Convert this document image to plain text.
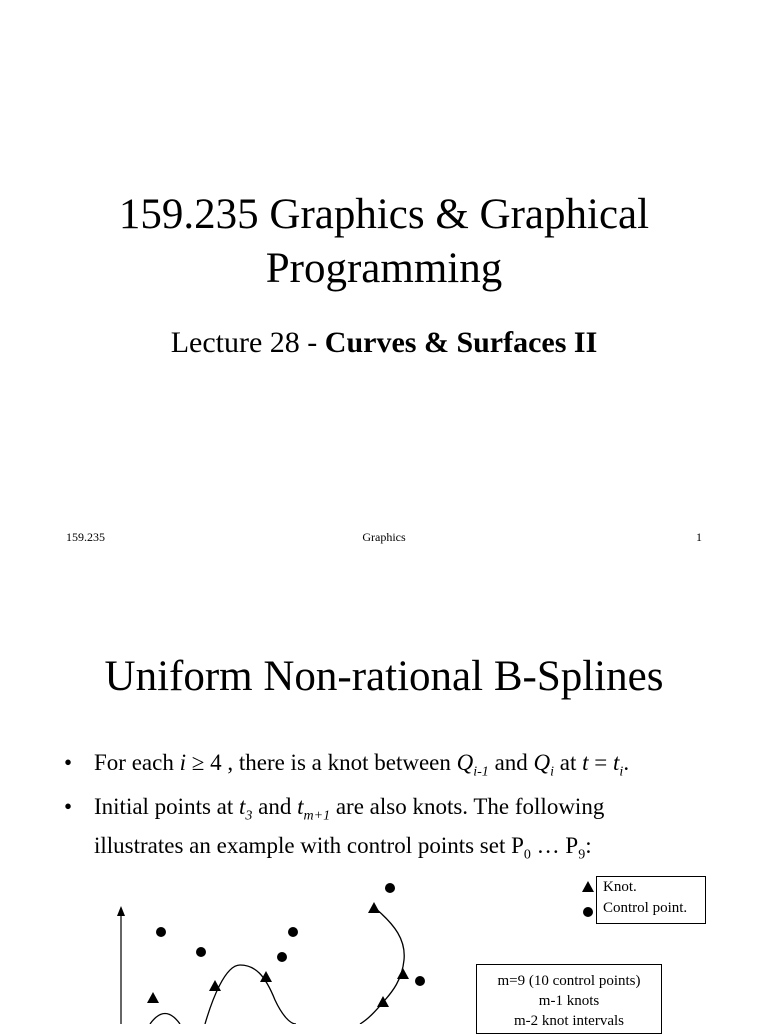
159.235 Graphics & Graphical
Programming
Lecture 28 - Curves & Surfaces II
159.235	Graphics	1
Uniform Non-rational B-Splines
• For each i ≥ 4 , there is a knot between $Q_{i-1}$ and $Q_i$ at $t = t_i$.
• Initial points at $t_3$ and $t_{m+1}$ are also knots. The following
illustrates an example with control points set $P_0$ … $P_9$:
Knot.
Control point.
m=9 (10 control points)
m-1 knots
m-2 knot intervals
